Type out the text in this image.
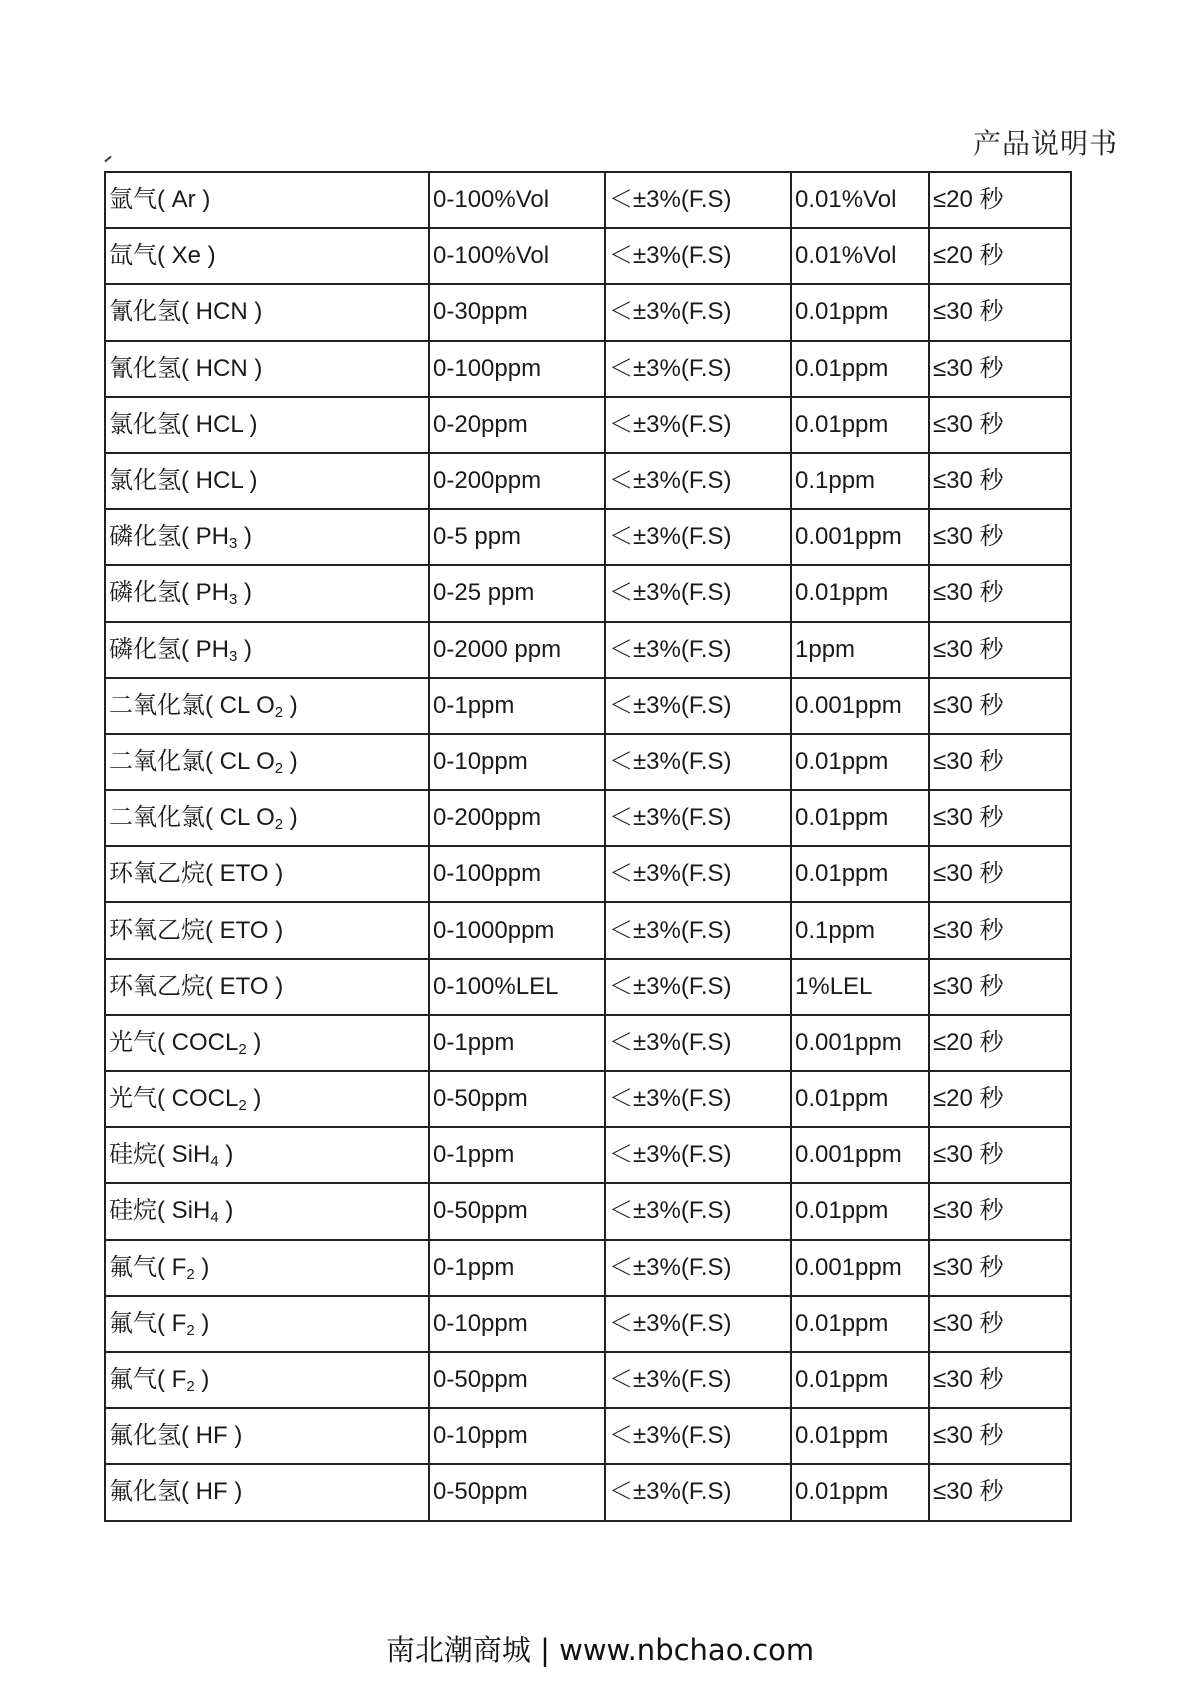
产品说明书
氩气( Ar )	0-100%Vol	＜±3%(F.S)	0.01%Vol	≤20 秒
氙气( Xe )	0-100%Vol	＜±3%(F.S)	0.01%Vol	≤20 秒
氰化氢( HCN )	0-30ppm	＜±3%(F.S)	0.01ppm	≤30 秒
氰化氢( HCN )	0-100ppm	＜±3%(F.S)	0.01ppm	≤30 秒
氯化氢( HCL )	0-20ppm	＜±3%(F.S)	0.01ppm	≤30 秒
氯化氢( HCL )	0-200ppm	＜±3%(F.S)	0.1ppm	≤30 秒
磷化氢( $PH_3$ )	0-5 ppm	＜±3%(F.S)	0.001ppm	≤30 秒
磷化氢( $PH_3$ )	0-25 ppm	＜±3%(F.S)	0.01ppm	≤30 秒
磷化氢( $PH_3$ )	0-2000 ppm	＜±3%(F.S)	1ppm	≤30 秒
二氧化氯( CL $O_2$ )	0-1ppm	＜±3%(F.S)	0.001ppm	≤30 秒
二氧化氯( CL $O_2$ )	0-10ppm	＜±3%(F.S)	0.01ppm	≤30 秒
二氧化氯( CL $O_2$ )	0-200ppm	＜±3%(F.S)	0.01ppm	≤30 秒
环氧乙烷( ETO )	0-100ppm	＜±3%(F.S)	0.01ppm	≤30 秒
环氧乙烷( ETO )	0-1000ppm	＜±3%(F.S)	0.1ppm	≤30 秒
环氧乙烷( ETO )	0-100%LEL	＜±3%(F.S)	1%LEL	≤30 秒
光气( $COCL_2$ )	0-1ppm	＜±3%(F.S)	0.001ppm	≤20 秒
光气( $COCL_2$ )	0-50ppm	＜±3%(F.S)	0.01ppm	≤20 秒
硅烷( SiH$_4$ )	0-1ppm	＜±3%(F.S)	0.001ppm	≤30 秒
硅烷( SiH$_4$ )	0-50ppm	＜±3%(F.S)	0.01ppm	≤30 秒
氟气( $F_2$ )	0-1ppm	＜±3%(F.S)	0.001ppm	≤30 秒
氟气( $F_2$ )	0-10ppm	＜±3%(F.S)	0.01ppm	≤30 秒
氟气( $F_2$ )	0-50ppm	＜±3%(F.S)	0.01ppm	≤30 秒
氟化氢( HF )	0-10ppm	＜±3%(F.S)	0.01ppm	≤30 秒
氟化氢( HF )	0-50ppm	＜±3%(F.S)	0.01ppm	≤30 秒
南北潮商城 | www.nbchao.com
